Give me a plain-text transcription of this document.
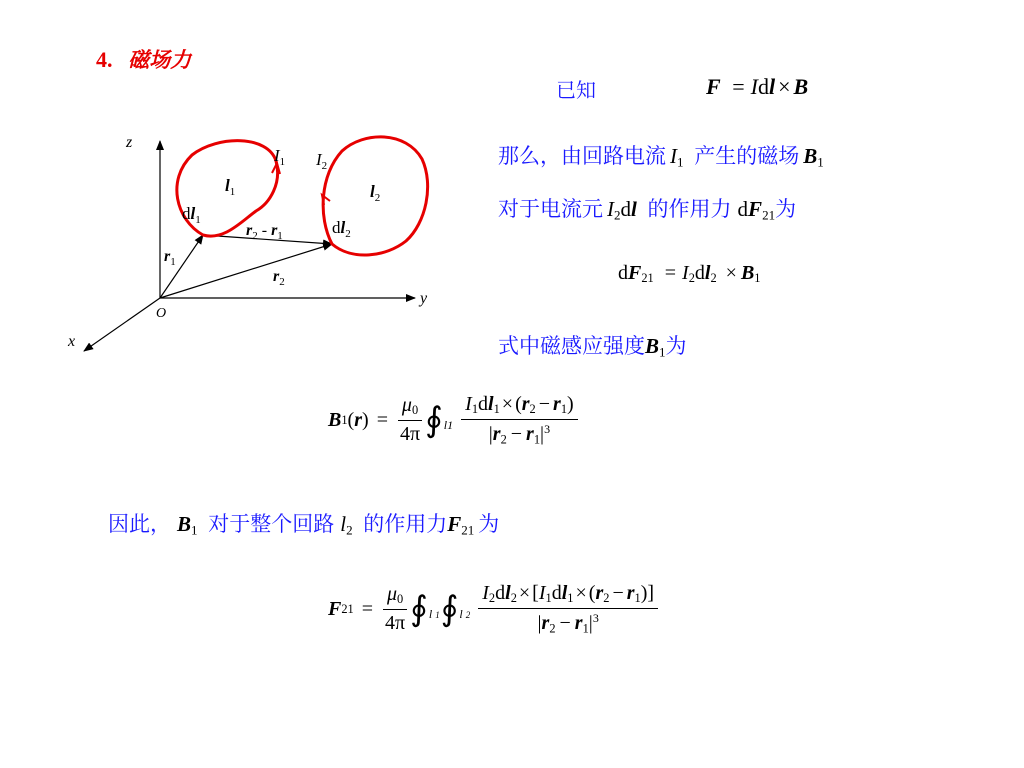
4. 磁场力
已知	F = Idl × B
那么，由回路电流 $I_1$ 产生的磁场 $B_1$
对于电流元 $I_2dl$ 的作用力 $dF_{21}$为
$dF_{21} = I_2dl_2 \times B_1$
式中磁感应强度$B_1$为
B 1 ( r ) = $\frac{\mu_0}{4\pi}$ ∮ $l1 \frac{I_1dl_1 \times (r_2 - r_1)}{|r_2 - r_1|^3}$
因此， $B_1$ 对于整个回路 $l_2$ 的作用力$F_{21}$ 为
F $21 = \frac{\mu_0}{4\pi}$ ∮ l 1 ∮ l $2 \frac{I_2dl_2 \times [I_1dl_1 \times (r_2 - r_1)]}{|r_2 - r_1|^3}$
z
y
x
O
$I_1$ $I_2$
$l_1$	$l_2$
$dl_1$	$dl_2$
$r_1$
$r_2$
$r_2 - r_1$
